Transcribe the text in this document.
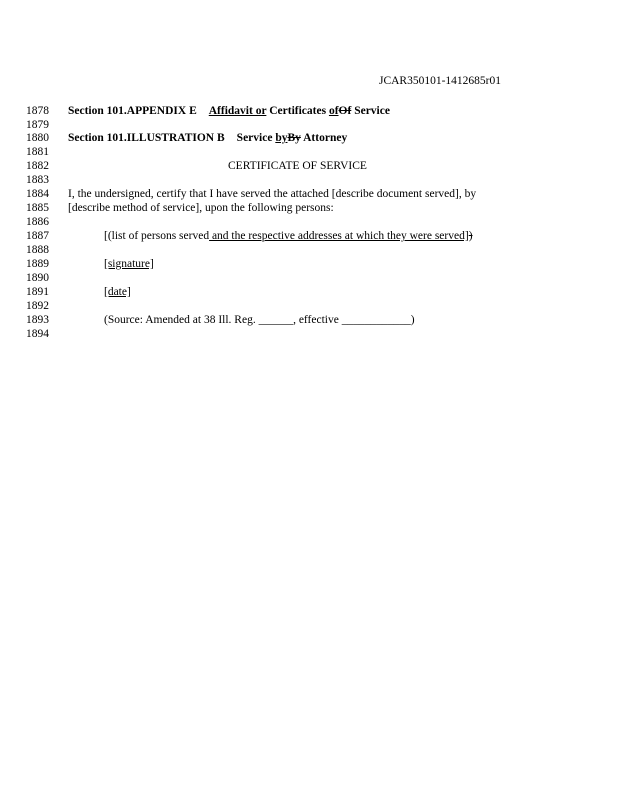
JCAR350101-1412685r01
1878	Section 101.APPENDIX E Affidavit or Certificates ofOf Service
1879
1880	Section 101.ILLUSTRATION B Service byBy Attorney
1881
1882	CERTIFICATE OF SERVICE
1883
1884	I, the undersigned, certify that I have served the attached [describe document served], by
1885	[describe method of service], upon the following persons:
1886
1887	[(list of persons served and the respective addresses at which they were served])
1888
1889	[signature]
1890
1891	[date]
1892
1893	(Source: Amended at 38 Ill. Reg. ______, effective ____________)
1894
